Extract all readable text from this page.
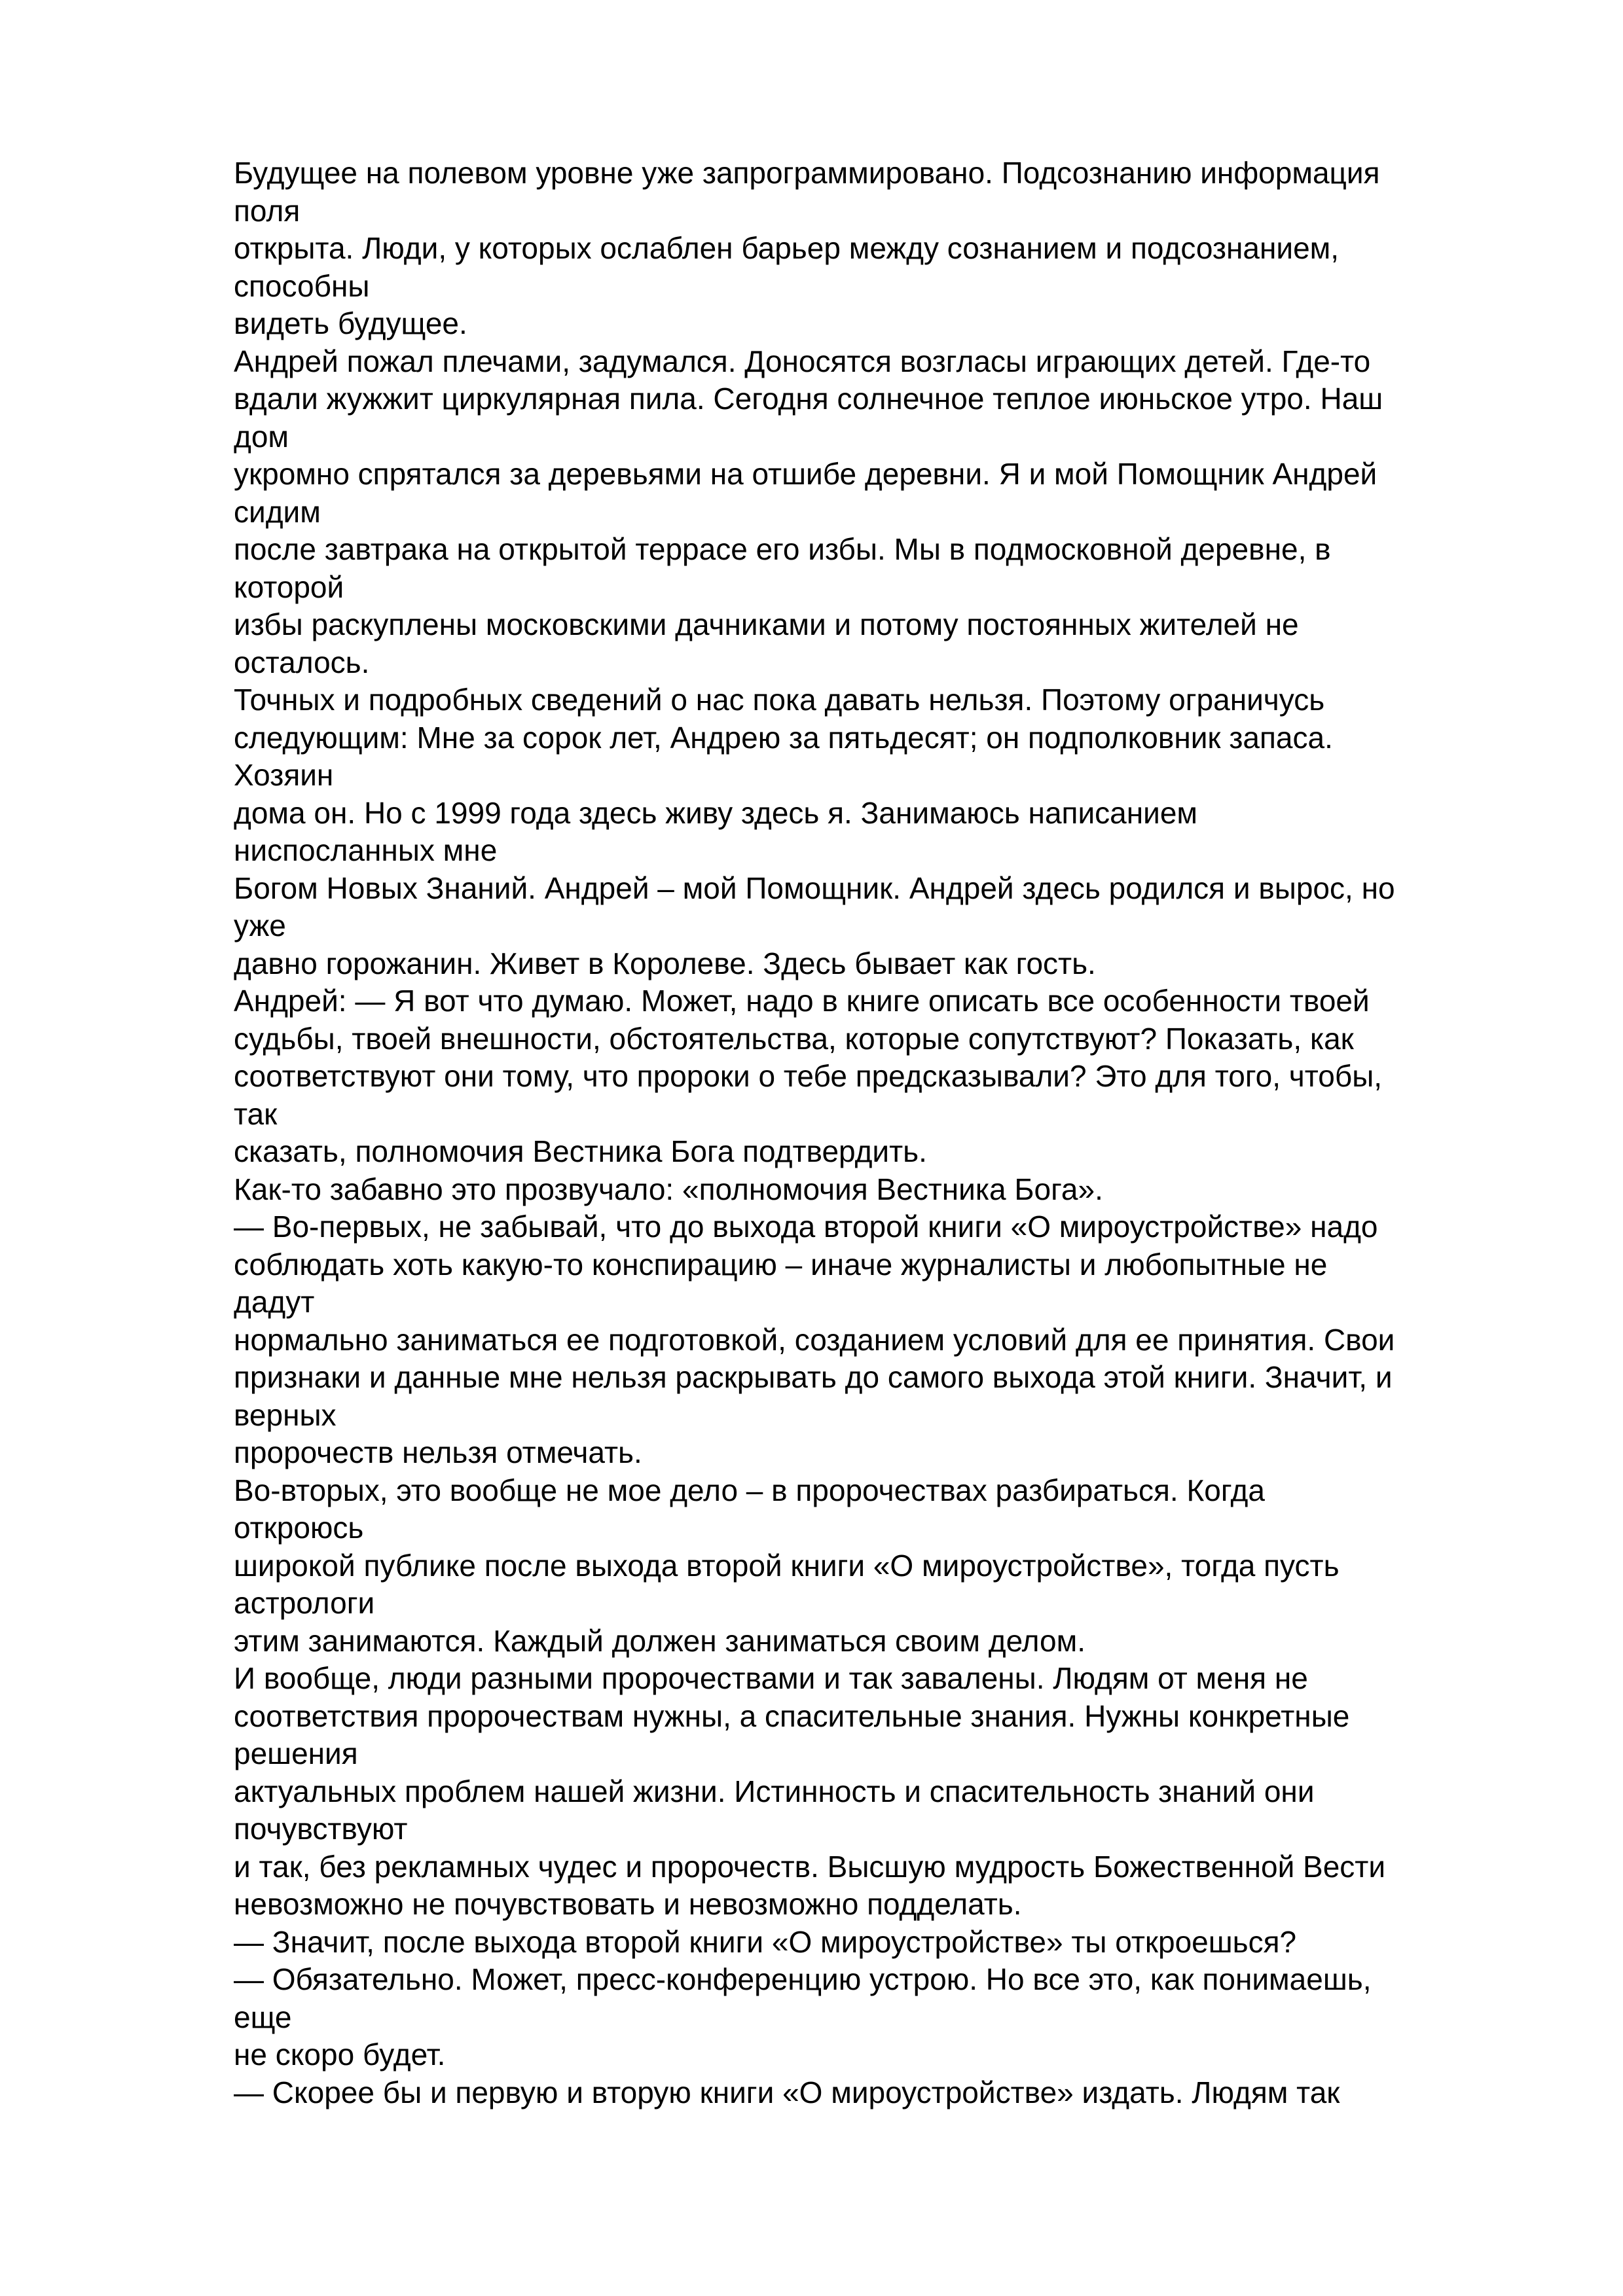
Будущее на полевом уровне уже запрограммировано. Подсознанию информация
поля
открыта. Люди, у которых ослаблен барьер между сознанием и подсознанием,
способны
видеть будущее.
Андрей пожал плечами, задумался. Доносятся возгласы играющих детей. Где-то
вдали жужжит циркулярная пила. Сегодня солнечное теплое июньское утро. Наш
дом
укромно спрятался за деревьями на отшибе деревни. Я и мой Помощник Андрей
сидим
после завтрака на открытой террасе его избы. Мы в подмосковной деревне, в
которой
избы раскуплены московскими дачниками и потому постоянных жителей не
осталось.
Точных и подробных сведений о нас пока давать нельзя. Поэтому ограничусь
следующим: Мне за сорок лет, Андрею за пятьдесят; он подполковник запаса.
Хозяин
дома он. Но с 1999 года здесь живу здесь я. Занимаюсь написанием
ниспосланных мне
Богом Новых Знаний. Андрей – мой Помощник. Андрей здесь родился и вырос, но
уже
давно горожанин. Живет в Королеве. Здесь бывает как гость.
Андрей: — Я вот что думаю. Может, надо в книге описать все особенности твоей
судьбы, твоей внешности, обстоятельства, которые сопутствуют? Показать, как
соответствуют они тому, что пророки о тебе предсказывали? Это для того, чтобы,
так
сказать, полномочия Вестника Бога подтвердить.
Как-то забавно это прозвучало: «полномочия Вестника Бога».
— Во-первых, не забывай, что до выхода второй книги «О мироустройстве» надо
соблюдать хоть какую-то конспирацию – иначе журналисты и любопытные не
дадут
нормально заниматься ее подготовкой, созданием условий для ее принятия. Свои
признаки и данные мне нельзя раскрывать до самого выхода этой книги. Значит, и
верных
пророчеств нельзя отмечать.
Во-вторых, это вообще не мое дело – в пророчествах разбираться. Когда
откроюсь
широкой публике после выхода второй книги «О мироустройстве», тогда пусть
астрологи
этим занимаются. Каждый должен заниматься своим делом.
И вообще, люди разными пророчествами и так завалены. Людям от меня не
соответствия пророчествам нужны, а спасительные знания. Нужны конкретные
решения
актуальных проблем нашей жизни. Истинность и спасительность знаний они
почувствуют
и так, без рекламных чудес и пророчеств. Высшую мудрость Божественной Вести
невозможно не почувствовать и невозможно подделать.
— Значит, после выхода второй книги «О мироустройстве» ты откроешься?
— Обязательно. Может, пресс-конференцию устрою. Но все это, как понимаешь,
еще
не скоро будет.
— Скорее бы и первую и вторую книги «О мироустройстве» издать. Людям так
